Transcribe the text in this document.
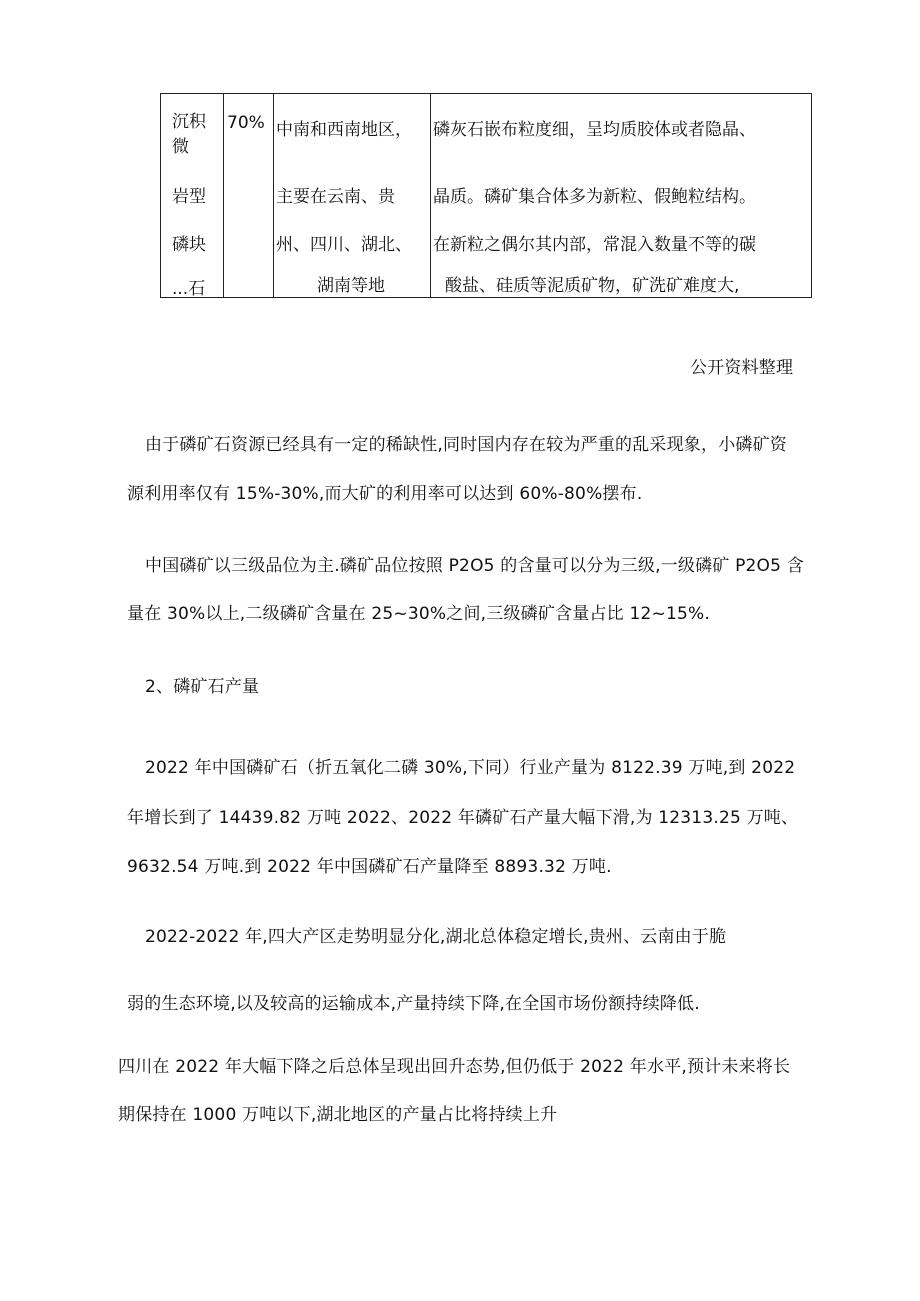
沉积
微
岩型
磷块
...石
70% 中南和西南地区，
主要在云南、贵
州、四川、湖北、
湖南等地
磷灰石嵌布粒度细，呈均质胶体或者隐晶、
晶质。磷矿集合体多为新粒、假鲍粒结构。
在新粒之偶尔其内部，常混入数量不等的碳
酸盐、硅质等泥质矿物，矿洗矿难度大,
公开资料整理
由于磷矿石资源已经具有一定的稀缺性,同时国内存在较为严重的乱采现象，小磷矿资
源利用率仅有 15%-30%,而大矿的利用率可以达到 60%-80%摆布.
中国磷矿以三级品位为主.磷矿品位按照 P2O5 的含量可以分为三级,一级磷矿 P2O5 含
量在 30%以上,二级磷矿含量在 25~30%之间,三级磷矿含量占比 12~15%.
2、磷矿石产量
2022 年中国磷矿石（折五氧化二磷 30%,下同）行业产量为 8122.39 万吨,到 2022
年增长到了 14439.82 万吨 2022、2022 年磷矿石产量大幅下滑,为 12313.25 万吨、
9632.54 万吨.到 2022 年中国磷矿石产量降至 8893.32 万吨.
2022-2022 年,四大产区走势明显分化,湖北总体稳定增长,贵州、云南由于脆
弱的生态环境,以及较高的运输成本,产量持续下降,在全国市场份额持续降低.
四川在 2022 年大幅下降之后总体呈现出回升态势,但仍低于 2022 年水平,预计未来将长
期保持在 1000 万吨以下,湖北地区的产量占比将持续上升
